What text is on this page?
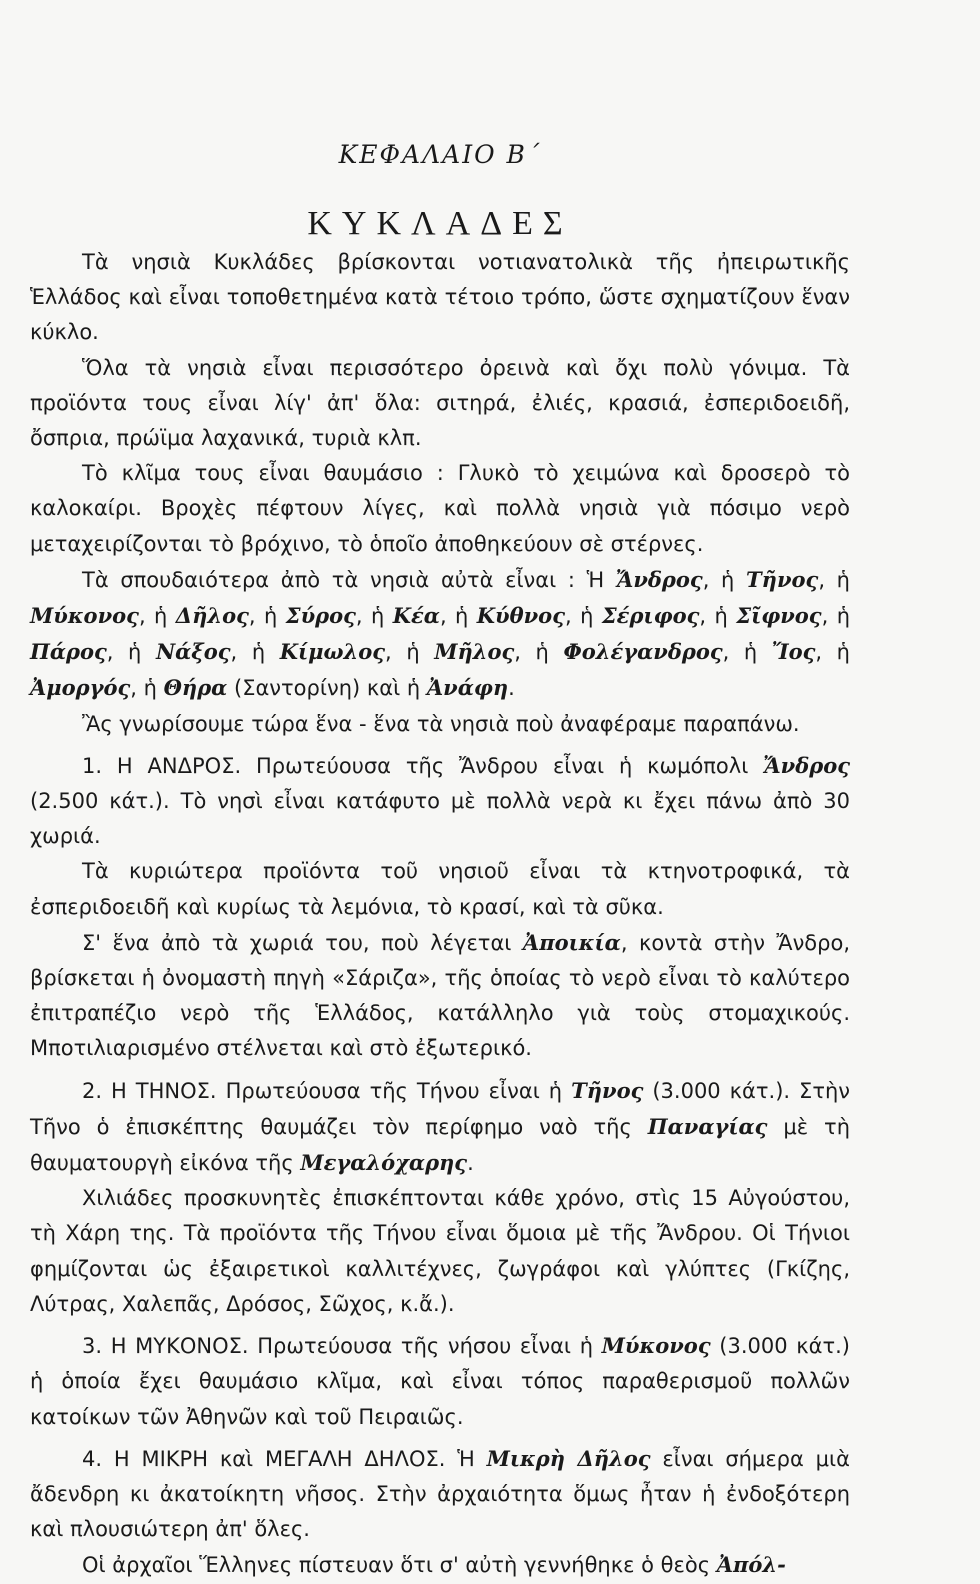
ΚΕΦΑΛΑΙΟ Β΄
ΚΥΚΛΑΔΕΣ

Τὰ νησιὰ Κυκλάδες βρίσκονται νοτιανατολικὰ τῆς ἠπειρωτικῆς Ἑλλάδος καὶ εἶναι τοποθετημένα κατὰ τέτοιο τρόπο, ὥστε σχηματίζουν ἕναν κύκλο.

Ὅλα τὰ νησιὰ εἶναι περισσότερο ὀρεινὰ καὶ ὄχι πολὺ γόνιμα. Τὰ προϊόντα τους εἶναι λίγ' ἀπ' ὅλα: σιτηρά, ἐλιές, κρασιά, ἐσπεριδοειδῆ, ὄσπρια, πρώϊμα λαχανικά, τυριὰ κλπ.

Τὸ κλῖμα τους εἶναι θαυμάσιο : Γλυκὸ τὸ χειμώνα καὶ δροσερὸ τὸ καλοκαίρι. Βροχὲς πέφτουν λίγες, καὶ πολλὰ νησιὰ γιὰ πόσιμο νερὸ μεταχειρίζονται τὸ βρόχινο, τὸ ὁποῖο ἀποθηκεύουν σὲ στέρνες.

Τὰ σπουδαιότερα ἀπὸ τὰ νησιὰ αὐτὰ εἶναι : Ἡ Ἄνδρος, ἡ Τῆνος, ἡ Μύκονος, ἡ Δῆλος, ἡ Σύρος, ἡ Κέα, ἡ Κύθνος, ἡ Σέριφος, ἡ Σῖφνος, ἡ Πάρος, ἡ Νάξος, ἡ Κίμωλος, ἡ Μῆλος, ἡ Φολέγανδρος, ἡ Ἴος, ἡ Ἀμοργός, ἡ Θήρα (Σαντορίνη) καὶ ἡ Ἀνάφη.

Ἂς γνωρίσουμε τώρα ἕνα - ἕνα τὰ νησιὰ ποὺ ἀναφέραμε παραπάνω.

1. Η ΑΝΔΡΟΣ. Πρωτεύουσα τῆς Ἄνδρου εἶναι ἡ κωμόπολι Ἄνδρος (2.500 κάτ.). Τὸ νησὶ εἶναι κατάφυτο μὲ πολλὰ νερὰ κι ἔχει πάνω ἀπὸ 30 χωριά.

Τὰ κυριώτερα προϊόντα τοῦ νησιοῦ εἶναι τὰ κτηνοτροφικά, τὰ ἐσπεριδοειδῆ καὶ κυρίως τὰ λεμόνια, τὸ κρασί, καὶ τὰ σῦκα.

Σ' ἕνα ἀπὸ τὰ χωριά του, ποὺ λέγεται Ἀποικία, κοντὰ στὴν Ἄνδρο, βρίσκεται ἡ ὀνομαστὴ πηγὴ «Σάριζα», τῆς ὁποίας τὸ νερὸ εἶναι τὸ καλύτερο ἐπιτραπέζιο νερὸ τῆς Ἑλλάδος, κατάλληλο γιὰ τοὺς στομαχικούς. Μποτιλιαρισμένο στέλνεται καὶ στὸ ἐξωτερικό.

2. Η ΤΗΝΟΣ. Πρωτεύουσα τῆς Τήνου εἶναι ἡ Τῆνος (3.000 κάτ.). Στὴν Τῆνο ὁ ἐπισκέπτης θαυμάζει τὸν περίφημο ναὸ τῆς Παναγίας μὲ τὴ θαυματουργὴ εἰκόνα τῆς Μεγαλόχαρης.

Χιλιάδες προσκυνητὲς ἐπισκέπτονται κάθε χρόνο, στὶς 15 Αὐγούστου, τὴ Χάρη της. Τὰ προϊόντα τῆς Τήνου εἶναι ὅμοια μὲ τῆς Ἄνδρου. Οἱ Τήνιοι φημίζονται ὡς ἐξαιρετικοὶ καλλιτέχνες, ζωγράφοι καὶ γλύπτες (Γκίζης, Λύτρας, Χαλεπᾶς, Δρόσος, Σῶχος, κ.ἄ.).

3. Η ΜΥΚΟΝΟΣ. Πρωτεύουσα τῆς νήσου εἶναι ἡ Μύκονος (3.000 κάτ.) ἡ ὁποία ἔχει θαυμάσιο κλῖμα, καὶ εἶναι τόπος παραθερισμοῦ πολλῶν κατοίκων τῶν Ἀθηνῶν καὶ τοῦ Πειραιῶς.

4. Η ΜΙΚΡΗ καὶ ΜΕΓΑΛΗ ΔΗΛΟΣ. Ἡ Μικρὴ Δῆλος εἶναι σήμερα μιὰ ἄδενδρη κι ἀκατοίκητη νῆσος. Στὴν ἀρχαιότητα ὅμως ἦταν ἡ ἐνδοξότερη καὶ πλουσιώτερη ἀπ' ὅλες.

Οἱ ἀρχαῖοι Ἕλληνες πίστευαν ὅτι σ' αὐτὴ γεννήθηκε ὁ θεὸς Ἀπόλ-
